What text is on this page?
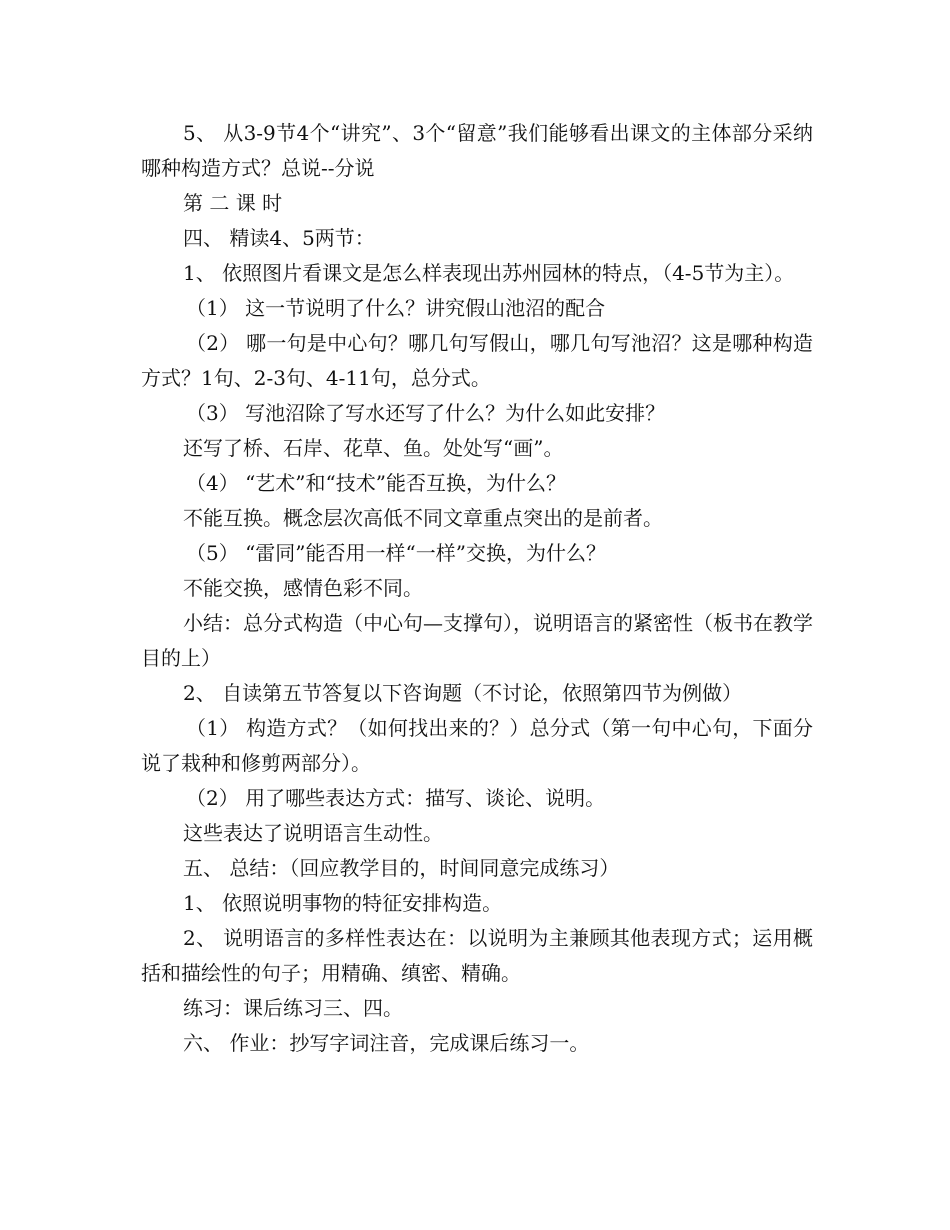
5、 从3-9节4个“讲究”、3个“留意”我们能够看出课文的主体部分采纳哪种构造方式？总说--分说

第 二 课 时

四、 精读4、5两节：

1、 依照图片看课文是怎么样表现出苏州园林的特点，（4-5节为主）。

（1） 这一节说明了什么？讲究假山池沼的配合

（2） 哪一句是中心句？哪几句写假山，哪几句写池沼？这是哪种构造方式？1句、2-3句、4-11句，总分式。

（3） 写池沼除了写水还写了什么？为什么如此安排？

还写了桥、石岸、花草、鱼。处处写“画”。

（4） “艺术”和“技术”能否互换，为什么？

不能互换。概念层次高低不同文章重点突出的是前者。

（5） “雷同”能否用一样“一样”交换，为什么？

不能交换，感情色彩不同。

小结：总分式构造（中心句—支撑句），说明语言的紧密性（板书在教学目的上）

2、 自读第五节答复以下咨询题（不讨论，依照第四节为例做）

（1） 构造方式？（如何找出来的？）总分式（第一句中心句，下面分说了栽种和修剪两部分）。

（2） 用了哪些表达方式：描写、谈论、说明。

这些表达了说明语言生动性。

五、 总结：（回应教学目的，时间同意完成练习）

1、 依照说明事物的特征安排构造。

2、 说明语言的多样性表达在：以说明为主兼顾其他表现方式；运用概括和描绘性的句子；用精确、缜密、精确。

练习：课后练习三、四。

六、 作业：抄写字词注音，完成课后练习一。
